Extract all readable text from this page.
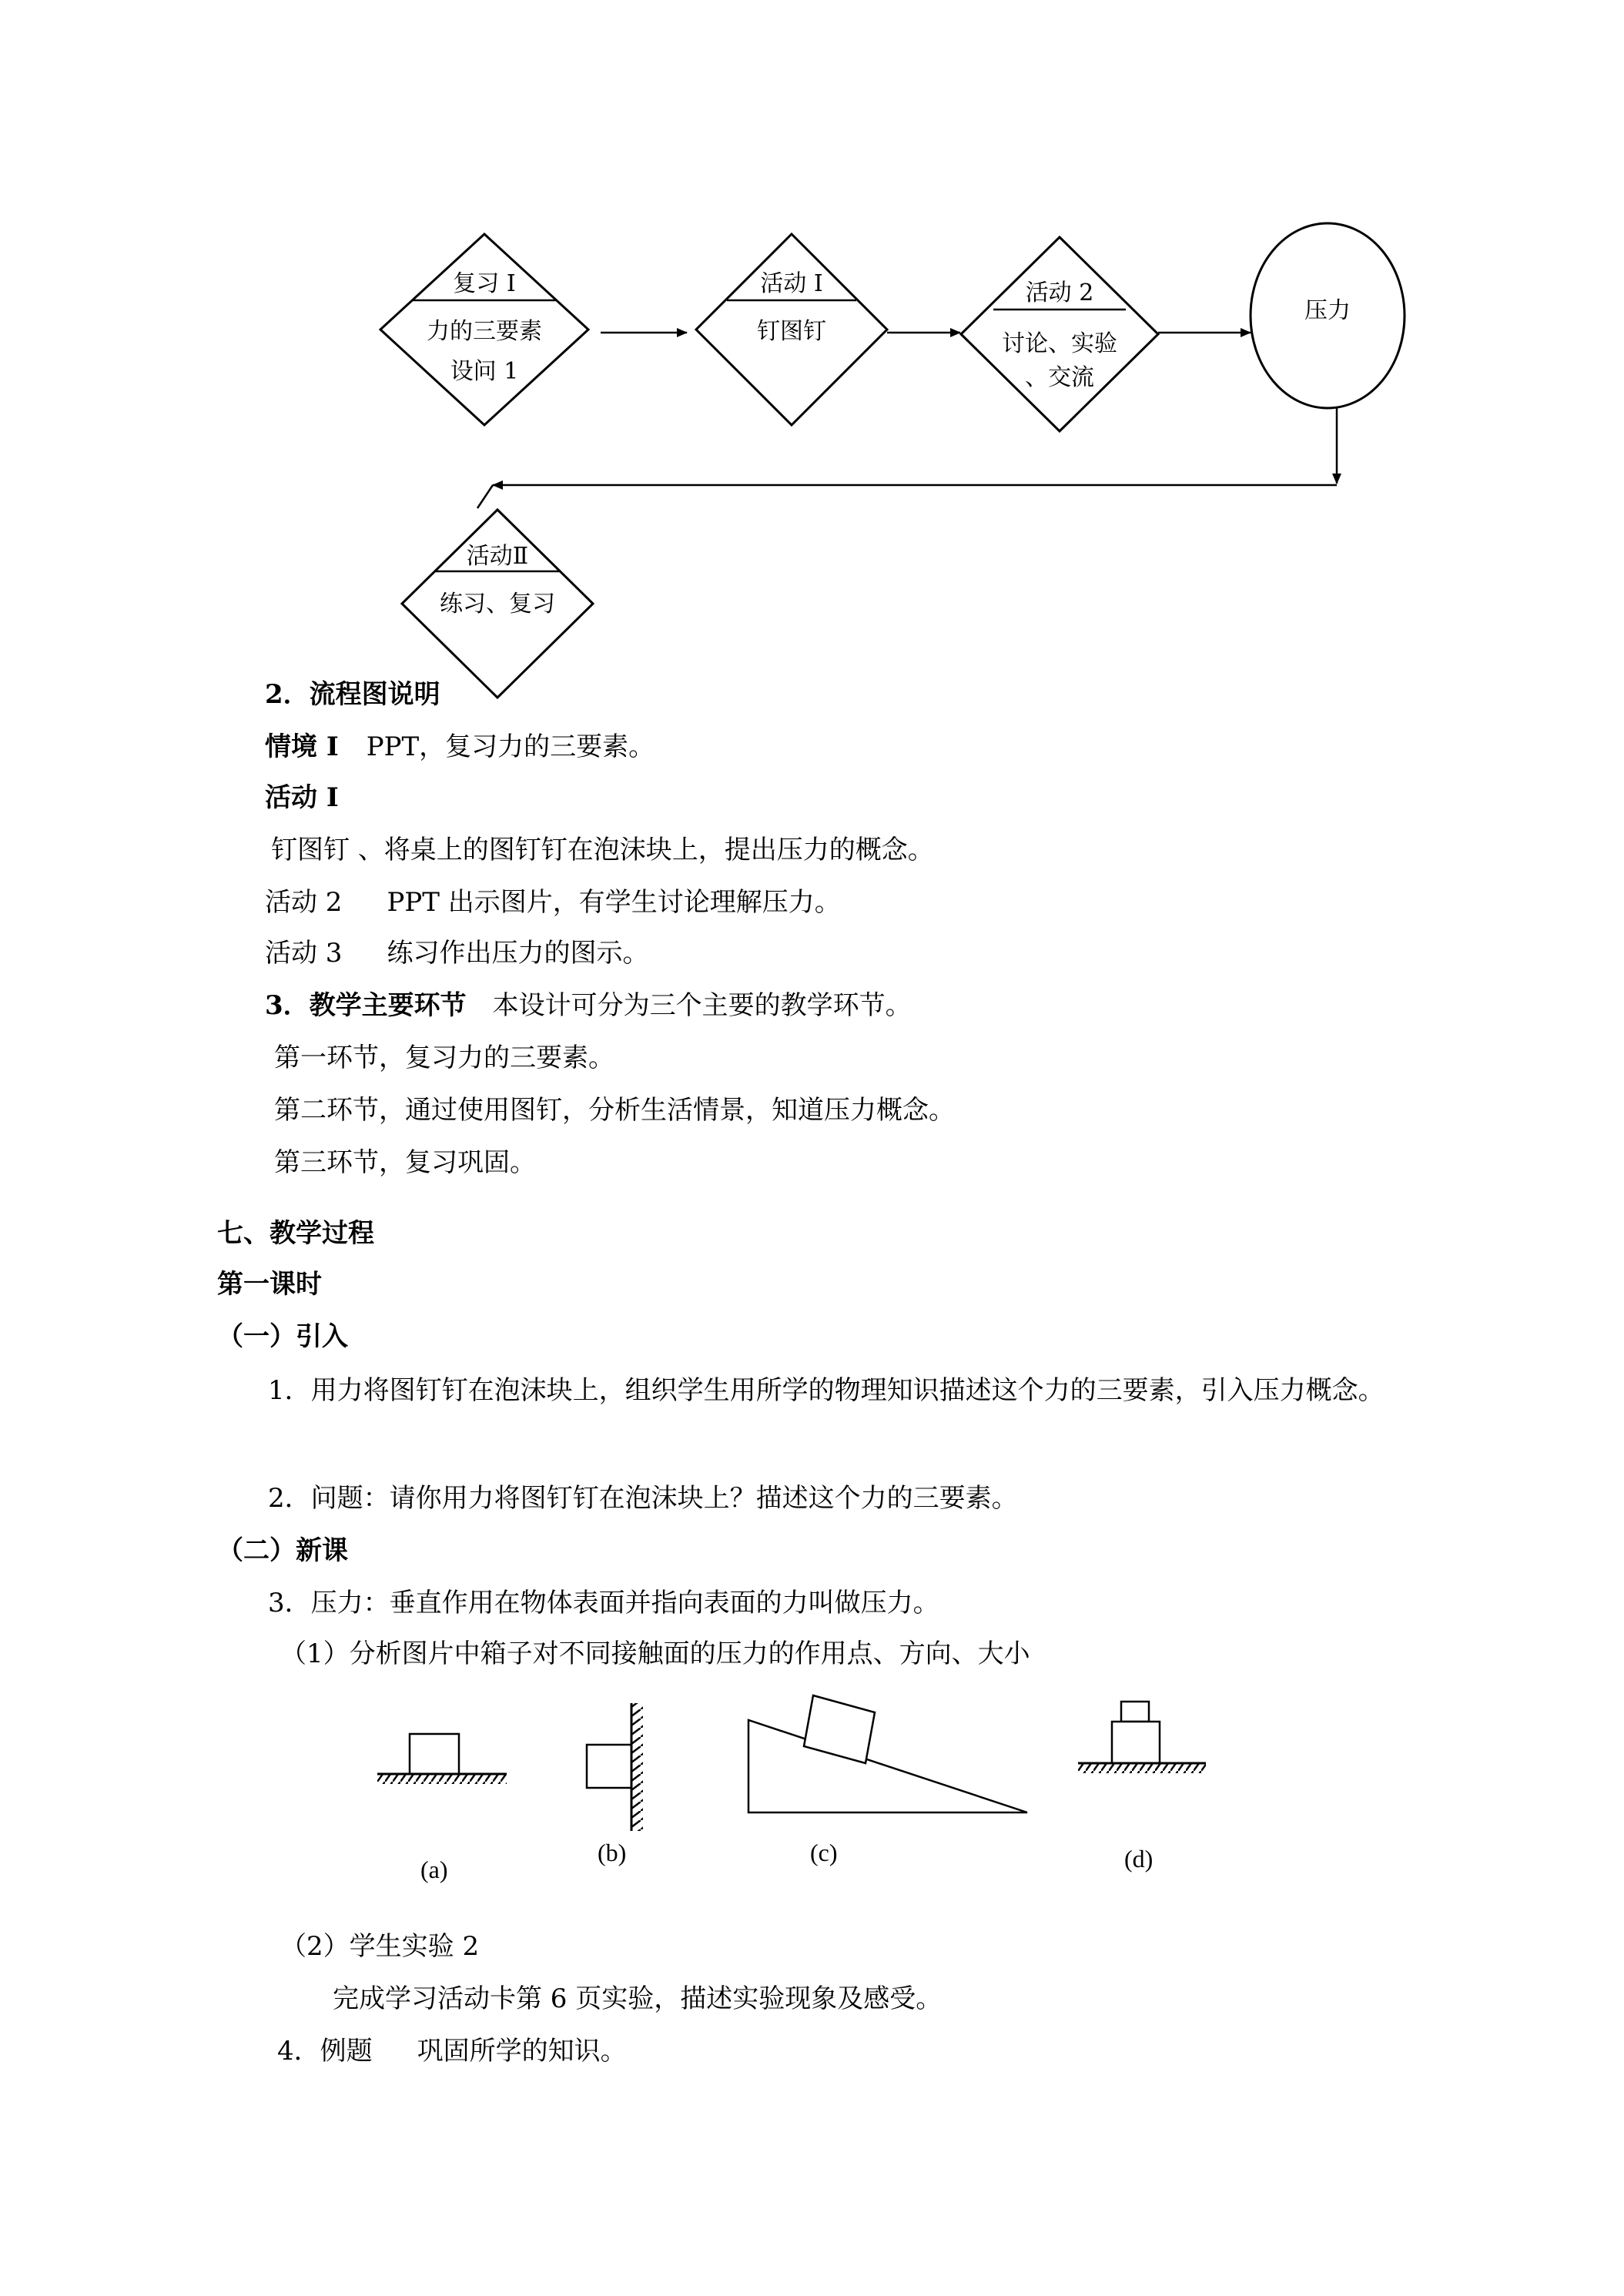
复习 I
力的三要素
设问 1
活动 I
钉图钉
活动 2
讨论、实验
、交流
压力
活动Ⅱ
练习、复习
2．流程图说明
情境 I PPT，复习力的三要素。
活动 I
钉图钉 、将桌上的图钉钉在泡沫块上，提出压力的概念。
活动 2 PPT 出示图片，有学生讨论理解压力。
活动 3 练习作出压力的图示。
3．教学主要环节 本设计可分为三个主要的教学环节。
第一环节，复习力的三要素。
第二环节，通过使用图钉，分析生活情景，知道压力概念。
第三环节，复习巩固。
七、教学过程
第一课时
（一）引入
1．用力将图钉钉在泡沫块上，组织学生用所学的物理知识描述这个力的三要素，引入压力概念。
2．问题：请你用力将图钉钉在泡沫块上？描述这个力的三要素。
（二）新课
3．压力：垂直作用在物体表面并指向表面的力叫做压力。
（1）分析图片中箱子对不同接触面的压力的作用点、方向、大小
(a)
(b)	(c)	(d)
（2）学生实验 2
完成学习活动卡第 6 页实验，描述实验现象及感受。
4．例题 巩固所学的知识。
